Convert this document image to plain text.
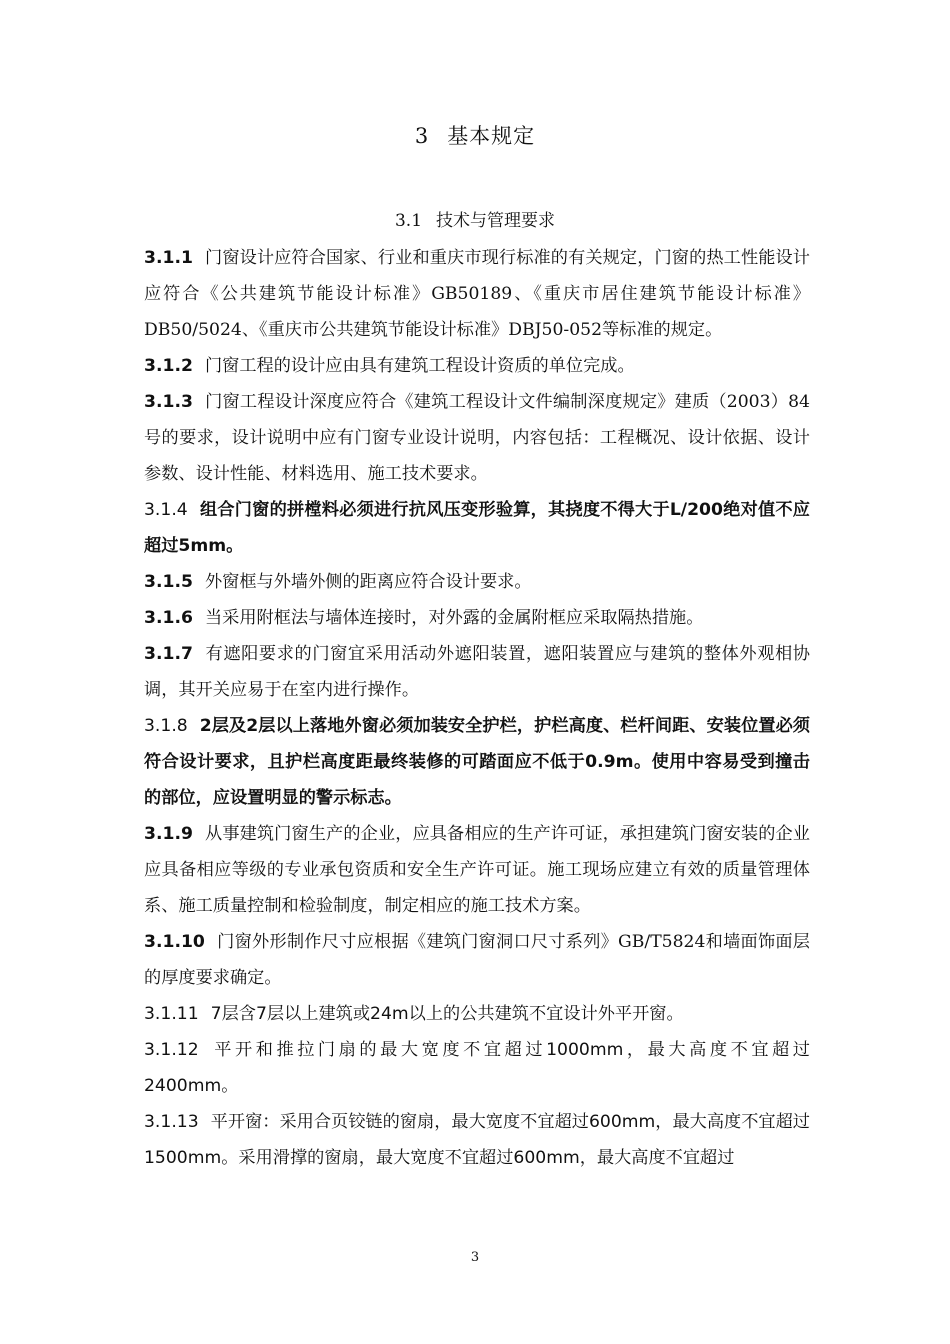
3 基本规定
3.1 技术与管理要求

3.1.1 门窗设计应符合国家、行业和重庆市现行标准的有关规定，门窗的热工性能设计应符合《公共建筑节能设计标准》GB50189、《重庆市居住建筑节能设计标准》DB50/5024、《重庆市公共建筑节能设计标准》DBJ50-052等标准的规定。

3.1.2 门窗工程的设计应由具有建筑工程设计资质的单位完成。

3.1.3 门窗工程设计深度应符合《建筑工程设计文件编制深度规定》建质（2003）84号的要求，设计说明中应有门窗专业设计说明，内容包括：工程概况、设计依据、设计参数、设计性能、材料选用、施工技术要求。

3.1.4 组合门窗的拼樘料必须进行抗风压变形验算，其挠度不得大于L/200绝对值不应超过5mm。

3.1.5 外窗框与外墙外侧的距离应符合设计要求。

3.1.6 当采用附框法与墙体连接时，对外露的金属附框应采取隔热措施。

3.1.7 有遮阳要求的门窗宜采用活动外遮阳装置，遮阳装置应与建筑的整体外观相协调，其开关应易于在室内进行操作。

3.1.8 2层及2层以上落地外窗必须加装安全护栏，护栏高度、栏杆间距、安装位置必须符合设计要求，且护栏高度距最终装修的可踏面应不低于0.9m。使用中容易受到撞击的部位，应设置明显的警示标志。

3.1.9 从事建筑门窗生产的企业，应具备相应的生产许可证，承担建筑门窗安装的企业应具备相应等级的专业承包资质和安全生产许可证。施工现场应建立有效的质量管理体系、施工质量控制和检验制度，制定相应的施工技术方案。

3.1.10 门窗外形制作尺寸应根据《建筑门窗洞口尺寸系列》GB/T5824和墙面饰面层的厚度要求确定。

3.1.11 7层含7层以上建筑或24m以上的公共建筑不宜设计外平开窗。

3.1.12 平开和推拉门扇的最大宽度不宜超过1000mm，最大高度不宜超过2400mm。

3.1.13 平开窗：采用合页铰链的窗扇，最大宽度不宜超过600mm，最大高度不宜超过1500mm。采用滑撑的窗扇，最大宽度不宜超过600mm，最大高度不宜超过

3
